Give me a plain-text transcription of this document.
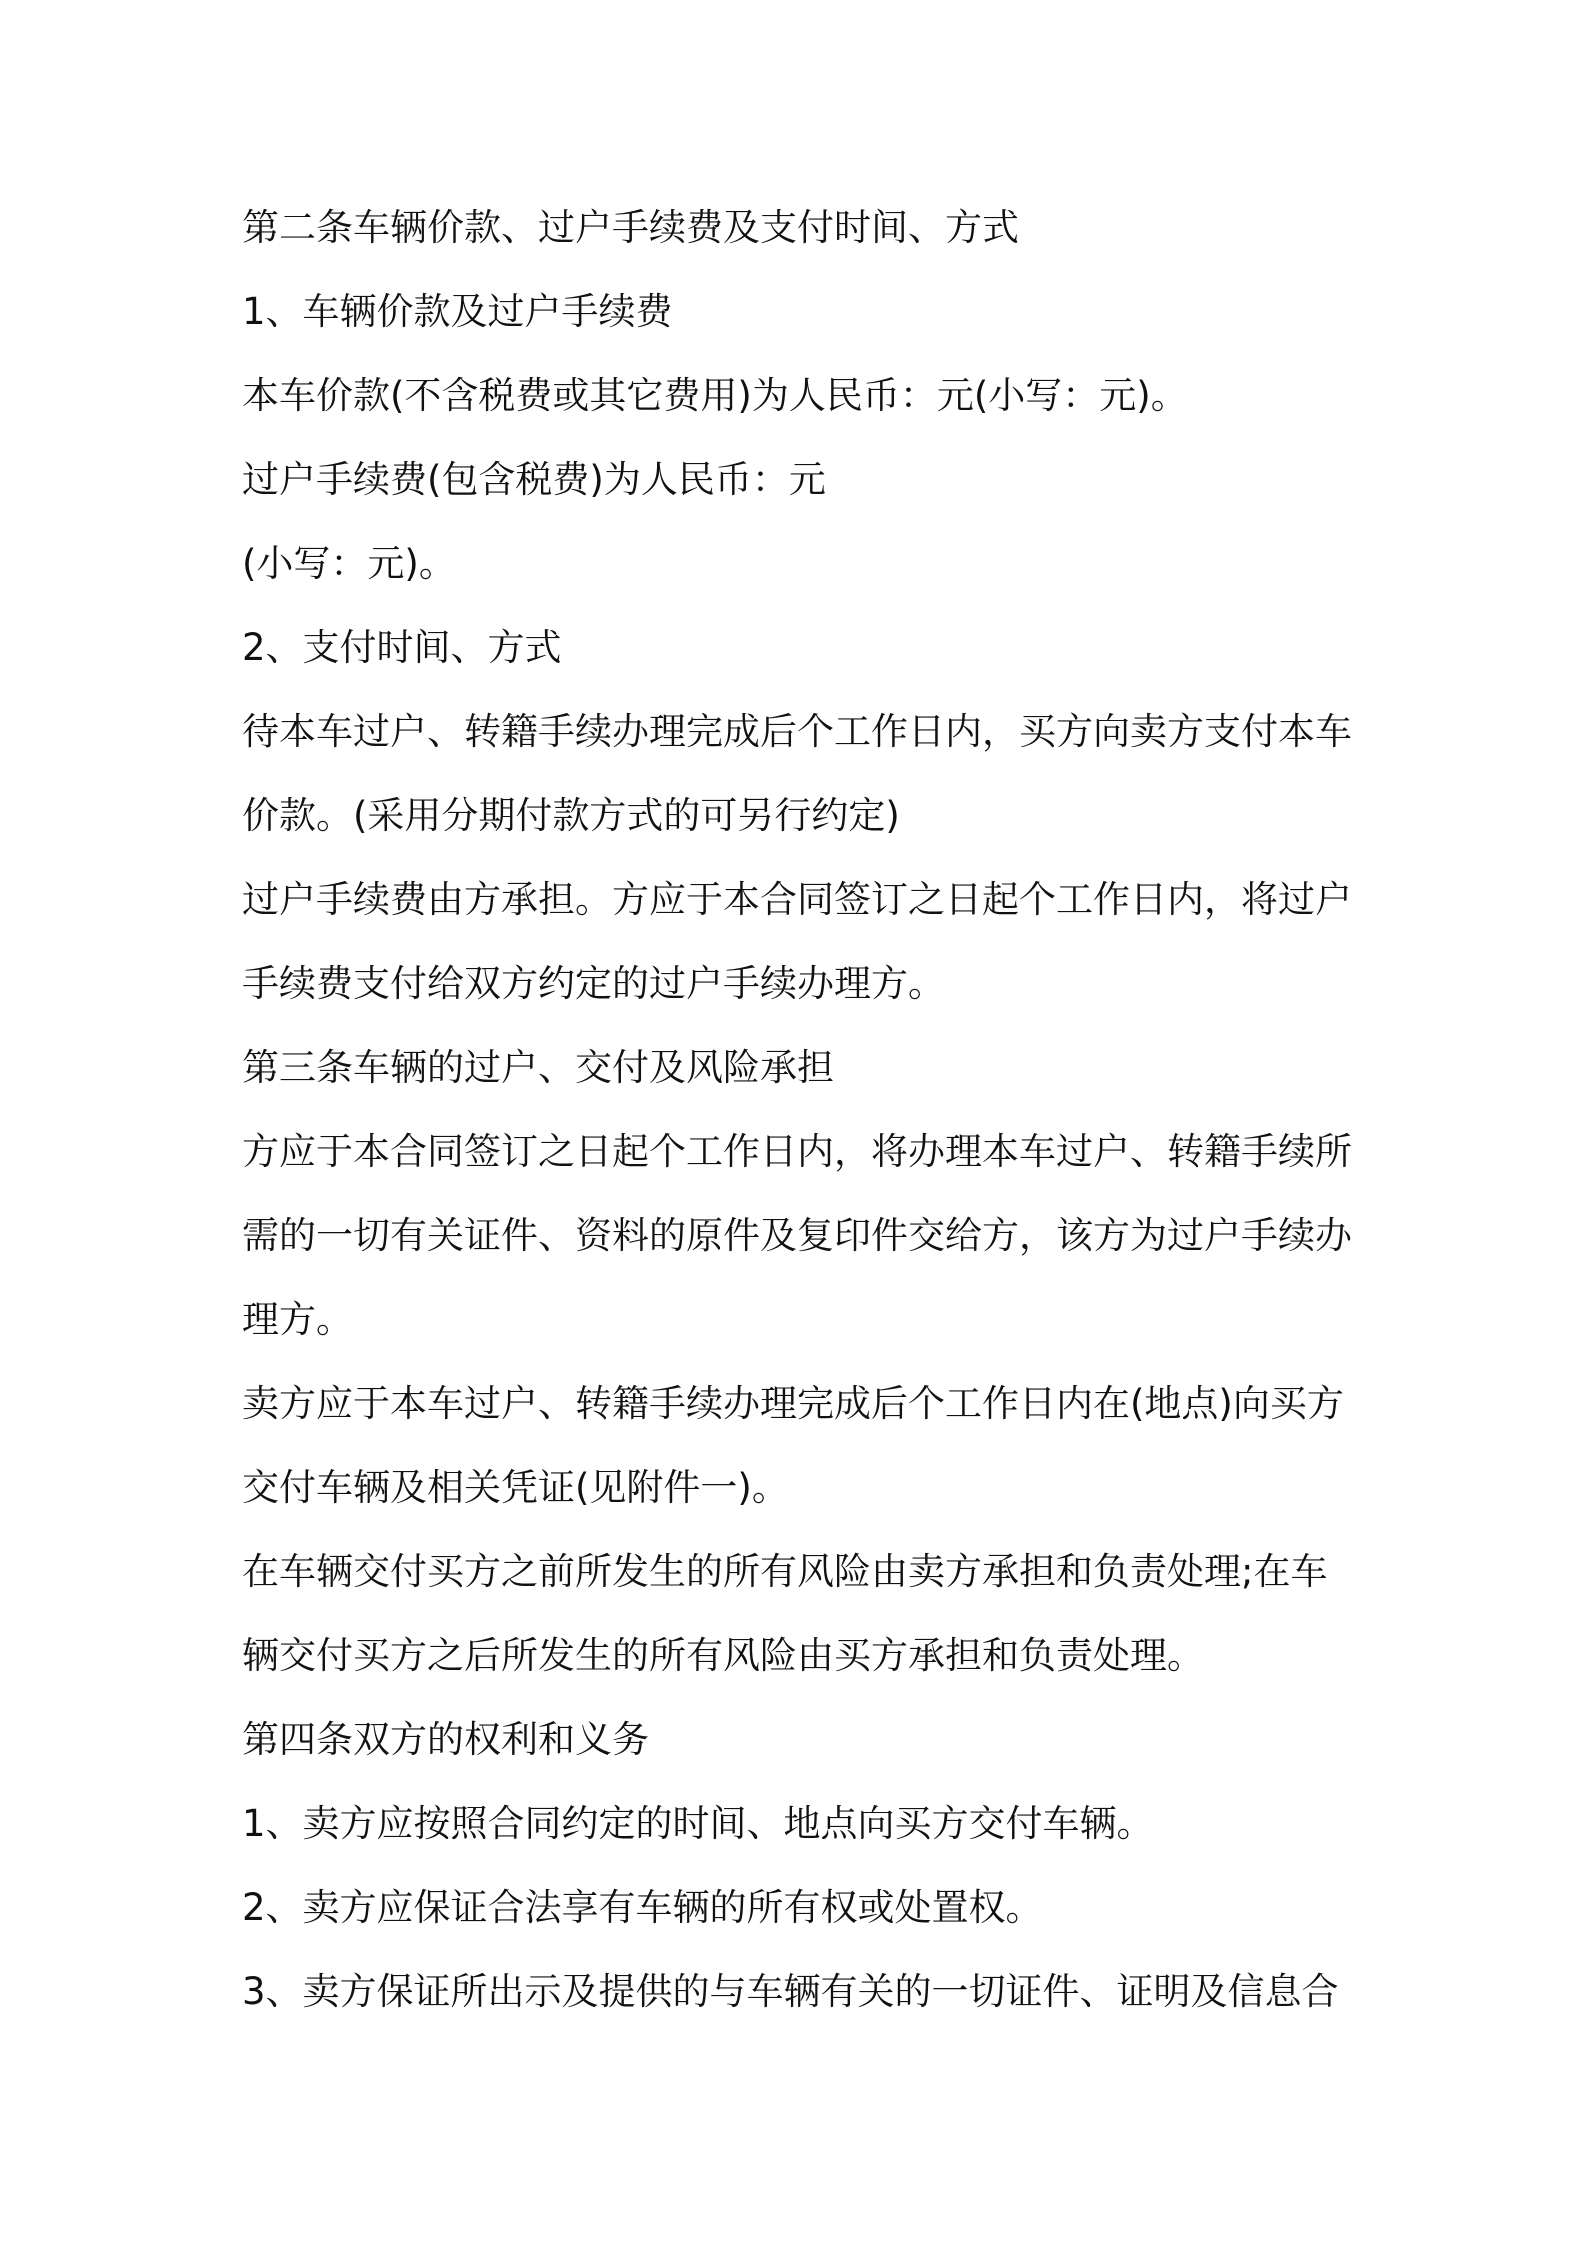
第二条车辆价款、过户手续费及支付时间、方式
1、车辆价款及过户手续费
本车价款(不含税费或其它费用)为人民币：元(小写：元)。
过户手续费(包含税费)为人民币：元
(小写：元)。
2、支付时间、方式
待本车过户、转籍手续办理完成后个工作日内，买方向卖方支付本车
价款。(采用分期付款方式的可另行约定)
过户手续费由方承担。方应于本合同签订之日起个工作日内，将过户
手续费支付给双方约定的过户手续办理方。
第三条车辆的过户、交付及风险承担
方应于本合同签订之日起个工作日内，将办理本车过户、转籍手续所
需的一切有关证件、资料的原件及复印件交给方，该方为过户手续办
理方。
卖方应于本车过户、转籍手续办理完成后个工作日内在(地点)向买方
交付车辆及相关凭证(见附件一)。
在车辆交付买方之前所发生的所有风险由卖方承担和负责处理;在车
辆交付买方之后所发生的所有风险由买方承担和负责处理。
第四条双方的权利和义务
1、卖方应按照合同约定的时间、地点向买方交付车辆。
2、卖方应保证合法享有车辆的所有权或处置权。
3、卖方保证所出示及提供的与车辆有关的一切证件、证明及信息合
